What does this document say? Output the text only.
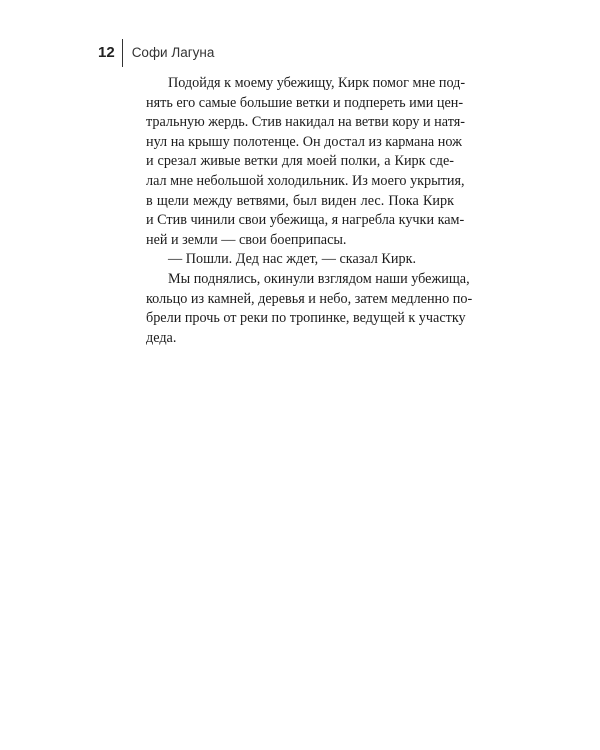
12 Софи Лагуна
Подойдя к моему убежищу, Кирк помог мне под-
нять его самые большие ветки и подпереть ими цен-
тральную жердь. Стив накидал на ветви кору и натя-
нул на крышу полотенце. Он достал из кармана нож
и срезал живые ветки для моей полки, а Кирк сде-
лал мне небольшой холодильник. Из моего укрытия,
в щели между ветвями, был виден лес. Пока Кирк
и Стив чинили свои убежища, я нагребла кучки кам-
ней и земли — свои боеприпасы.
— Пошли. Дед нас ждет, — сказал Кирк.
Мы поднялись, окинули взглядом наши убежища,
кольцо из камней, деревья и небо, затем медленно по-
брели прочь от реки по тропинке, ведущей к участку
деда.
